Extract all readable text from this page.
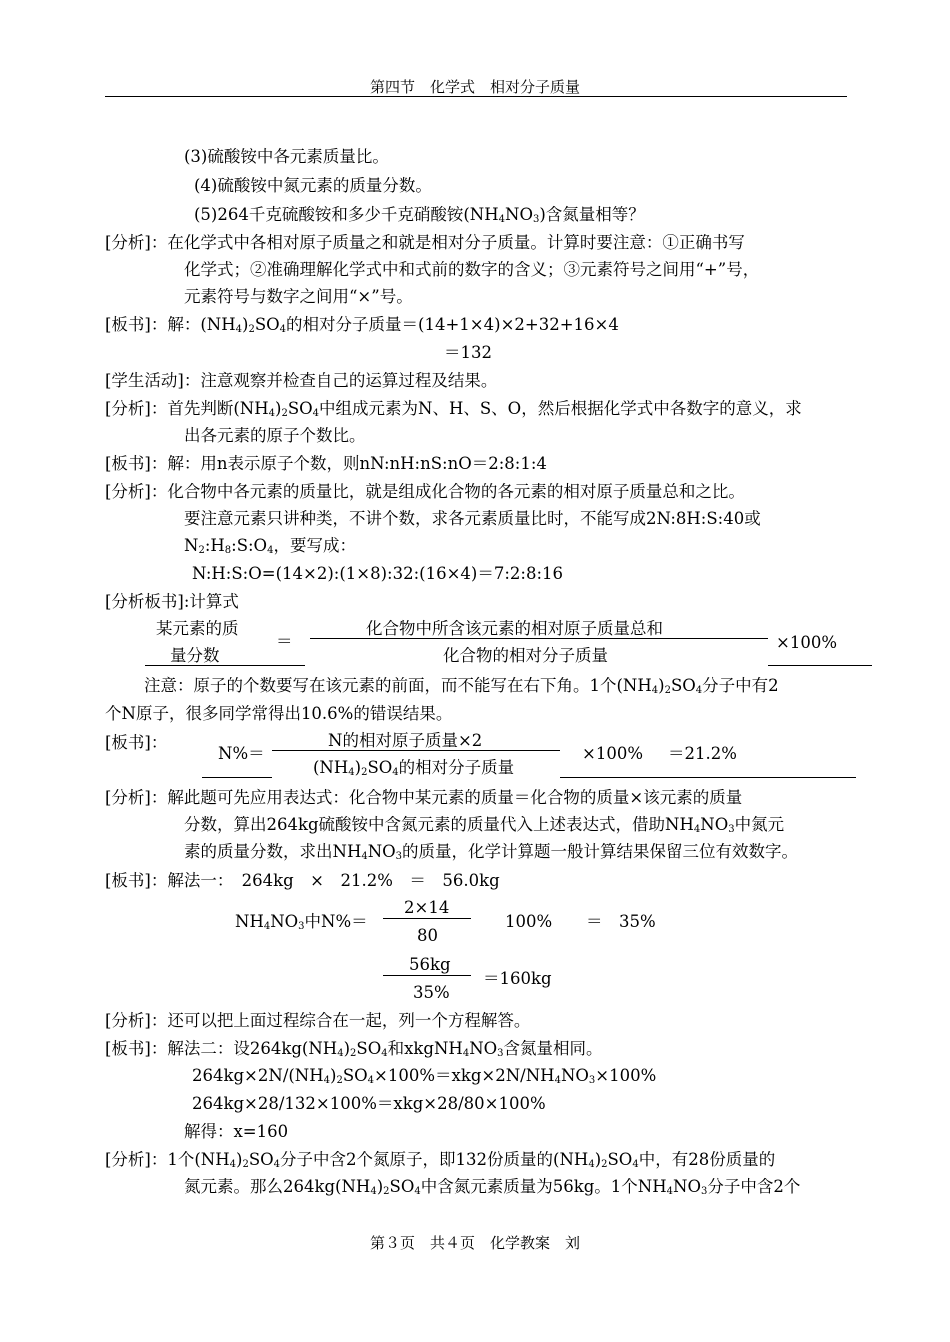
第四节　化学式　相对分子质量
(3)硫酸铵中各元素质量比。
(4)硫酸铵中氮元素的质量分数。
(5)264千克硫酸铵和多少千克硝酸铵$(NH_4NO_3)$含氮量相等？
[分析]：在化学式中各相对原子质量之和就是相对分子质量。计算时要注意：①正确书写
化学式；②准确理解化学式中和式前的数字的含义；③元素符号之间用“+”号，
元素符号与数字之间用“×”号。
[板书]：解：$(NH_4)_2SO_4$的相对分子质量＝(14+1×4)×2+32+16×4
＝132
[学生活动]：注意观察并检查自己的运算过程及结果。
[分析]：首先判断$(NH_4)_2SO_4$中组成元素为N、H、S、O，然后根据化学式中各数字的意义，求
出各元素的原子个数比。
[板书]：解：用n表示原子个数，则nN:nH:nS:nO＝2:8:1:4
[分析]：化合物中各元素的质量比，就是组成化合物的各元素的相对原子质量总和之比。
要注意元素只讲种类，不讲个数，求各元素质量比时，不能写成2N:8H:S:40或
$N_2:H_8:S:O_4$，要写成：
N:H:S:O=(14×2):(1×8):32:(16×4)＝7:2:8:16
[分析板书]:计算式
某元素的质
量分数
＝
化合物中所含该元素的相对原子质量总和
化合物的相对分子质量
×100%
注意：原子的个数要写在该元素的前面，而不能写在右下角。1个$(NH_4)_2SO_4$分子中有2
个N原子，很多同学常得出10.6%的错误结果。
[板书]：
N%＝
N的相对原子质量×2
$(NH_4)_2SO_4$的相对分子质量
×100% ＝21.2%
[分析]：解此题可先应用表达式：化合物中某元素的质量＝化合物的质量×该元素的质量
分数，算出264kg硫酸铵中含氮元素的质量代入上述表达式，借助$NH_4NO_3$中氮元
素的质量分数，求出$NH_4NO_3$的质量，化学计算题一般计算结果保留三位有效数字。
[板书]：解法一：　264kg　×　21.2%　＝　56.0kg
$NH_4NO_3$中N%＝
2×14
80
100% ＝　35%
56kg
35%
＝160kg
[分析]：还可以把上面过程综合在一起，列一个方程解答。
[板书]：解法二：设$264kg(NH_4)_2SO_4$和$xkgNH_4NO_3$含氮量相同。
$264kg\times 2N/(NH_4)_2SO_4\times 100\%=xkg\times 2N/NH_4NO_3\times 100\%$
264kg×28/132×100%＝xkg×28/80×100%
解得：x=160
[分析]：1个$(NH_4)_2SO_4$分子中含2个氮原子，即132份质量的$(NH_4)_2SO_4$中，有28份质量的
氮元素。那么$264kg(NH_4)_2SO_4$中含氮元素质量为56kg。1个$NH_4NO_3$分子中含2个
第３页　共４页　化学教案　刘
